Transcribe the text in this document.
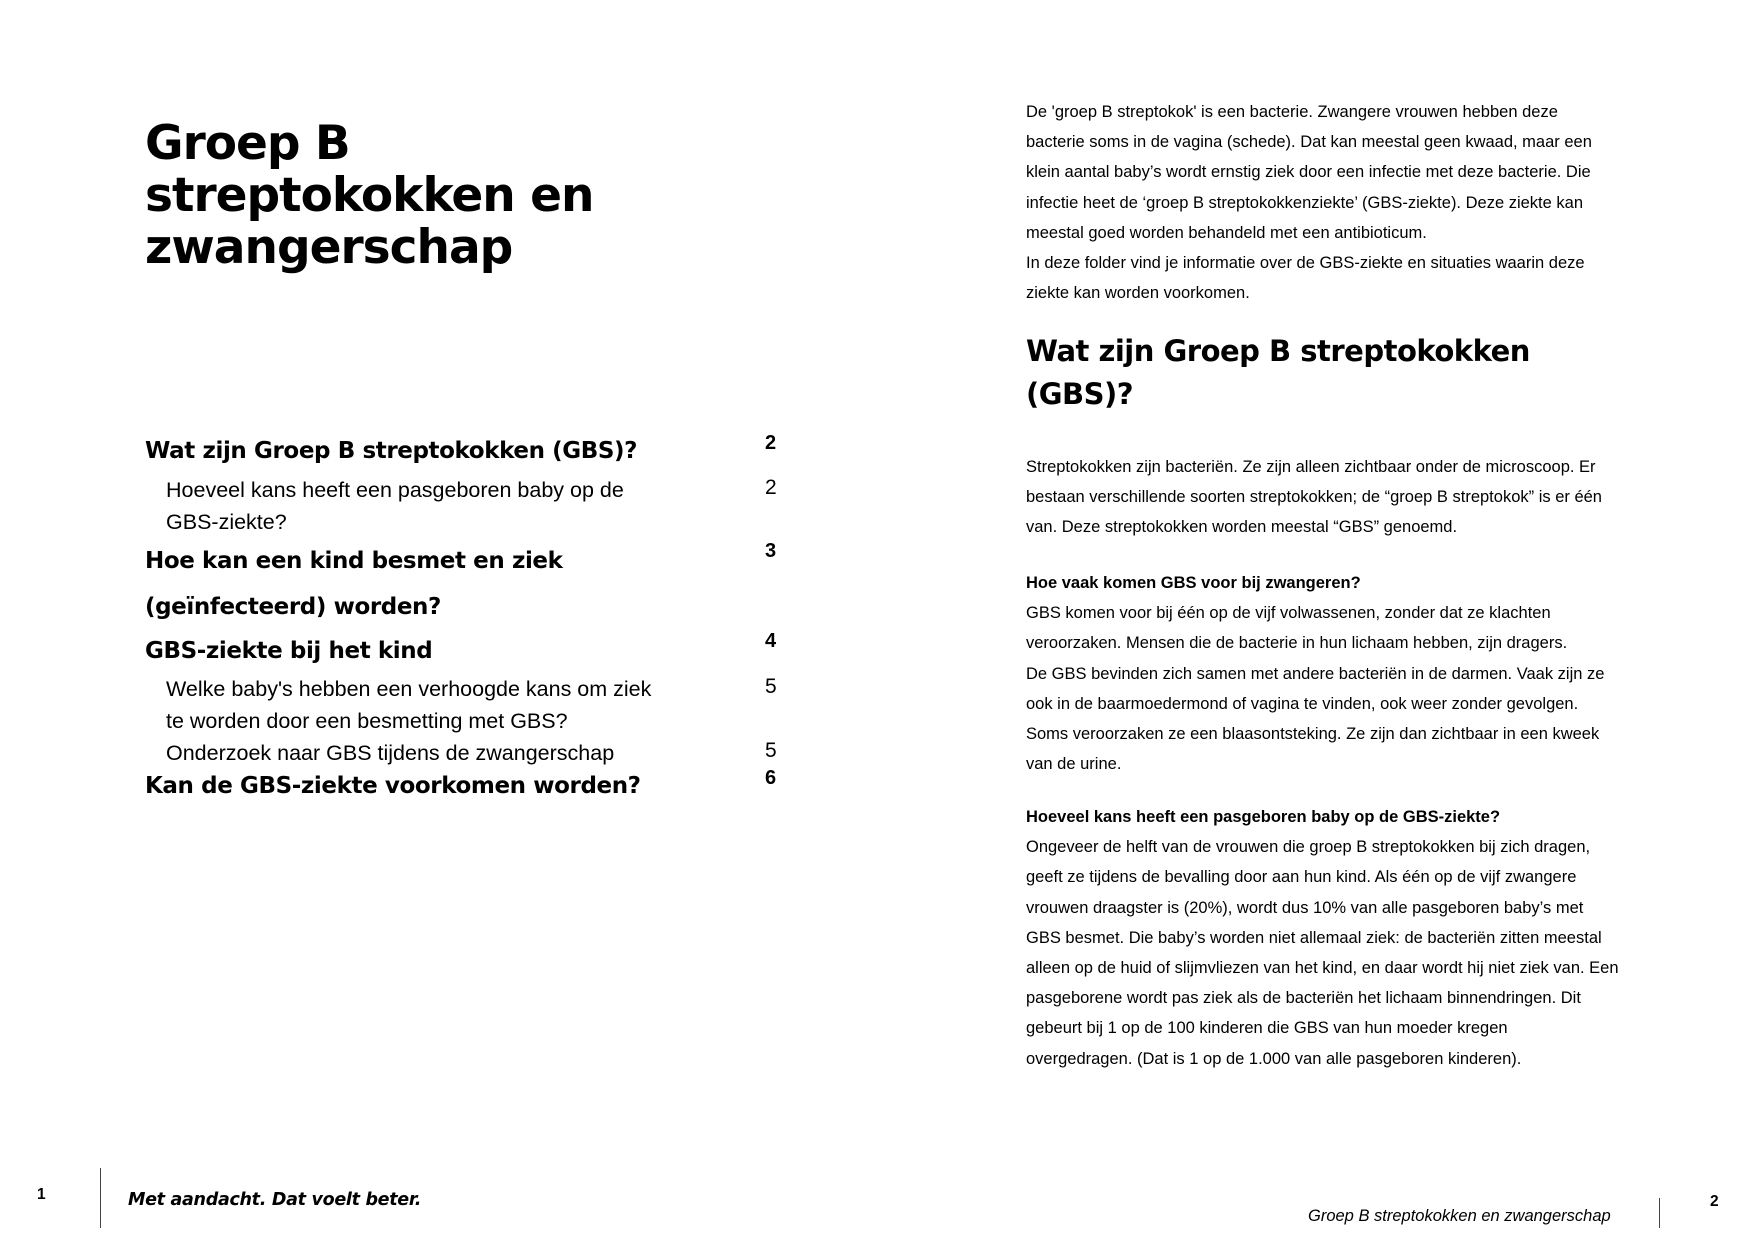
Groep B
streptokokken en
zwangerschap
Wat zijn Groep B streptokokken (GBS)?	2
Hoeveel kans heeft een pasgeboren baby op de
GBS-ziekte?
2
Hoe kan een kind besmet en ziek
(geïnfecteerd) worden?
3
GBS-ziekte bij het kind	4
Welke baby's hebben een verhoogde kans om ziek
te worden door een besmetting met GBS?
5
Onderzoek naar GBS tijdens de zwangerschap	5
Kan de GBS-ziekte voorkomen worden?	6
1	Met aandacht. Dat voelt beter.

De 'groep B streptokok' is een bacterie. Zwangere vrouwen hebben deze

bacterie soms in de vagina (schede). Dat kan meestal geen kwaad, maar een

klein aantal baby’s wordt ernstig ziek door een infectie met deze bacterie. Die

infectie heet de ‘groep B streptokokkenziekte’ (GBS-ziekte). Deze ziekte kan

meestal goed worden behandeld met een antibioticum.

In deze folder vind je informatie over de GBS-ziekte en situaties waarin deze

ziekte kan worden voorkomen.

Wat zijn Groep B streptokokken
(GBS)?

Streptokokken zijn bacteriën. Ze zijn alleen zichtbaar onder de microscoop. Er

bestaan verschillende soorten streptokokken; de “groep B streptokok” is er één

van. Deze streptokokken worden meestal “GBS” genoemd.

Hoe vaak komen GBS voor bij zwangeren?

GBS komen voor bij één op de vijf volwassenen, zonder dat ze klachten

veroorzaken. Mensen die de bacterie in hun lichaam hebben, zijn dragers.

De GBS bevinden zich samen met andere bacteriën in de darmen. Vaak zijn ze

ook in de baarmoedermond of vagina te vinden, ook weer zonder gevolgen.

Soms veroorzaken ze een blaasontsteking. Ze zijn dan zichtbaar in een kweek

van de urine.

Hoeveel kans heeft een pasgeboren baby op de GBS-ziekte?

Ongeveer de helft van de vrouwen die groep B streptokokken bij zich dragen,

geeft ze tijdens de bevalling door aan hun kind. Als één op de vijf zwangere

vrouwen draagster is (20%), wordt dus 10% van alle pasgeboren baby’s met

GBS besmet. Die baby’s worden niet allemaal ziek: de bacteriën zitten meestal

alleen op de huid of slijmvliezen van het kind, en daar wordt hij niet ziek van. Een

pasgeborene wordt pas ziek als de bacteriën het lichaam binnendringen. Dit

gebeurt bij 1 op de 100 kinderen die GBS van hun moeder kregen

overgedragen. (Dat is 1 op de 1.000 van alle pasgeboren kinderen).

Groep B streptokokken en zwangerschap
2
